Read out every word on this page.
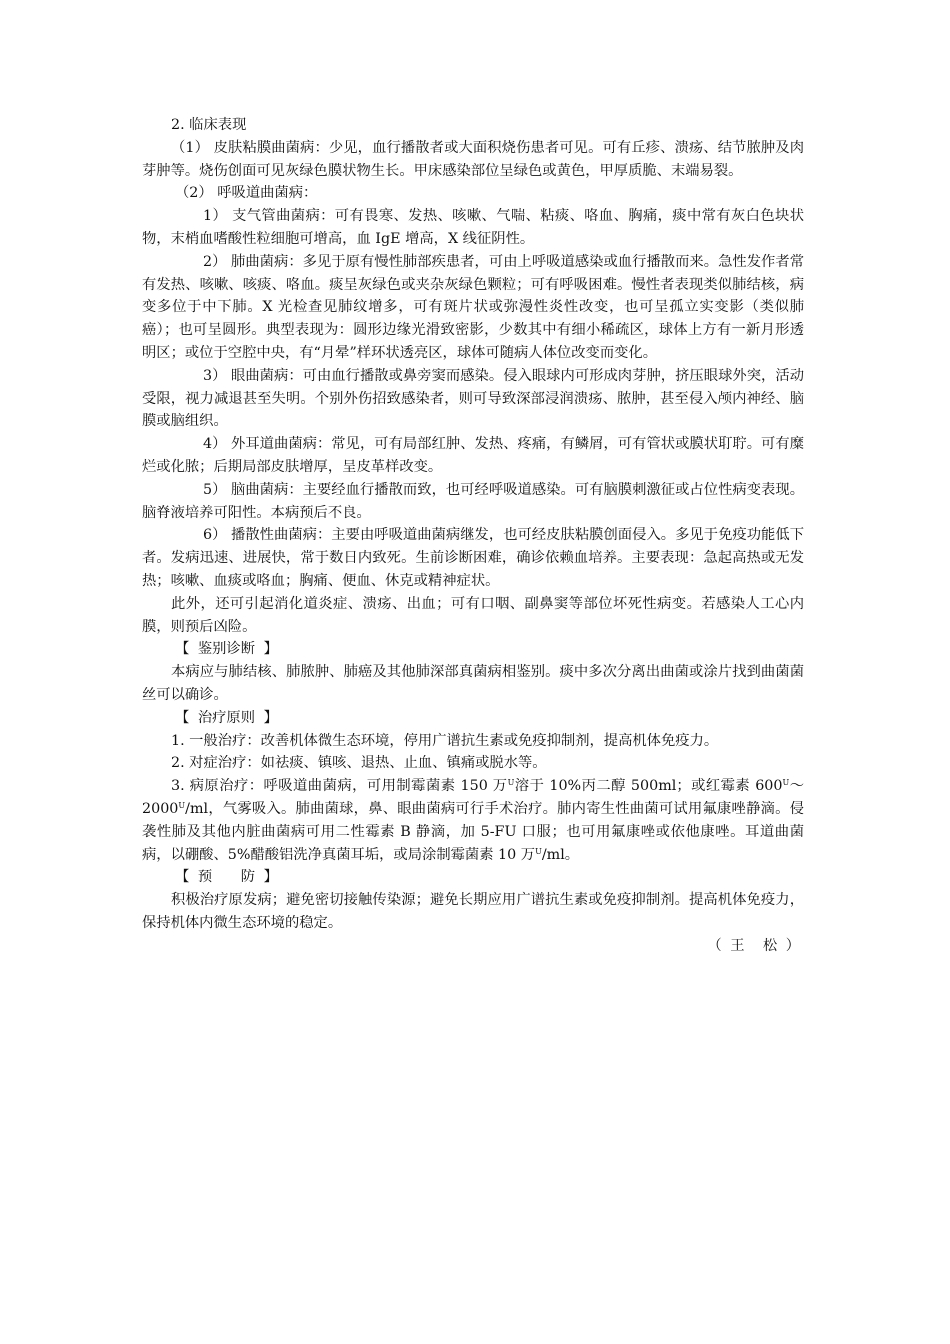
2. 临床表现

（1） 皮肤粘膜曲菌病：少见，血行播散者或大面积烧伤患者可见。可有丘疹、溃疡、结节脓肿及肉芽肿等。烧伤创面可见灰绿色膜状物生长。甲床感染部位呈绿色或黄色，甲厚质脆、末端易裂。

（2） 呼吸道曲菌病：

1） 支气管曲菌病：可有畏寒、发热、咳嗽、气喘、粘痰、咯血、胸痛，痰中常有灰白色块状物，末梢血嗜酸性粒细胞可增高，血 IgE 增高，X 线征阴性。

2） 肺曲菌病：多见于原有慢性肺部疾患者，可由上呼吸道感染或血行播散而来。急性发作者常有发热、咳嗽、咳痰、咯血。痰呈灰绿色或夹杂灰绿色颗粒；可有呼吸困难。慢性者表现类似肺结核，病变多位于中下肺。X 光检查见肺纹增多，可有斑片状或弥漫性炎性改变，也可呈孤立实变影（类似肺癌）；也可呈圆形。典型表现为：圆形边缘光滑致密影，少数其中有细小稀疏区，球体上方有一新月形透明区；或位于空腔中央，有“月晕”样环状透亮区，球体可随病人体位改变而变化。

3） 眼曲菌病：可由血行播散或鼻旁窦而感染。侵入眼球内可形成肉芽肿，挤压眼球外突，活动受限，视力减退甚至失明。个别外伤招致感染者，则可导致深部浸润溃疡、脓肿，甚至侵入颅内神经、脑膜或脑组织。

4） 外耳道曲菌病：常见，可有局部红肿、发热、疼痛，有鳞屑，可有管状或膜状耵聍。可有糜烂或化脓；后期局部皮肤增厚，呈皮革样改变。

5） 脑曲菌病：主要经血行播散而致，也可经呼吸道感染。可有脑膜刺激征或占位性病变表现。脑脊液培养可阳性。本病预后不良。

6） 播散性曲菌病：主要由呼吸道曲菌病继发，也可经皮肤粘膜创面侵入。多见于免疫功能低下者。发病迅速、进展快，常于数日内致死。生前诊断困难，确诊依赖血培养。主要表现：急起高热或无发热；咳嗽、血痰或咯血；胸痛、便血、休克或精神症状。

此外，还可引起消化道炎症、溃疡、出血；可有口咽、副鼻窦等部位坏死性病变。若感染人工心内膜，则预后凶险。

【 鉴别诊断 】

本病应与肺结核、肺脓肿、肺癌及其他肺深部真菌病相鉴别。痰中多次分离出曲菌或涂片找到曲菌菌丝可以确诊。

【 治疗原则 】

1. 一般治疗：改善机体微生态环境，停用广谱抗生素或免疫抑制剂，提高机体免疫力。

2. 对症治疗：如祛痰、镇咳、退热、止血、镇痛或脱水等。

3. 病原治疗：呼吸道曲菌病，可用制霉菌素 150 万$^U$溶于 10%丙二醇 500ml；或红霉素 $600^U\sim 2000^U/ml$，气雾吸入。肺曲菌球，鼻、眼曲菌病可行手术治疗。肺内寄生性曲菌可试用氟康唑静滴。侵袭性肺及其他内脏曲菌病可用二性霉素 B 静滴，加 5-FU 口服；也可用氟康唑或依他康唑。耳道曲菌病，以硼酸、5%醋酸铝洗净真菌耳垢，或局涂制霉菌素 10 万$^U$/ml。

【 预　　防 】

积极治疗原发病；避免密切接触传染源；避免长期应用广谱抗生素或免疫抑制剂。提高机体免疫力，保持机体内微生态环境的稳定。

（ 王　松 ）
